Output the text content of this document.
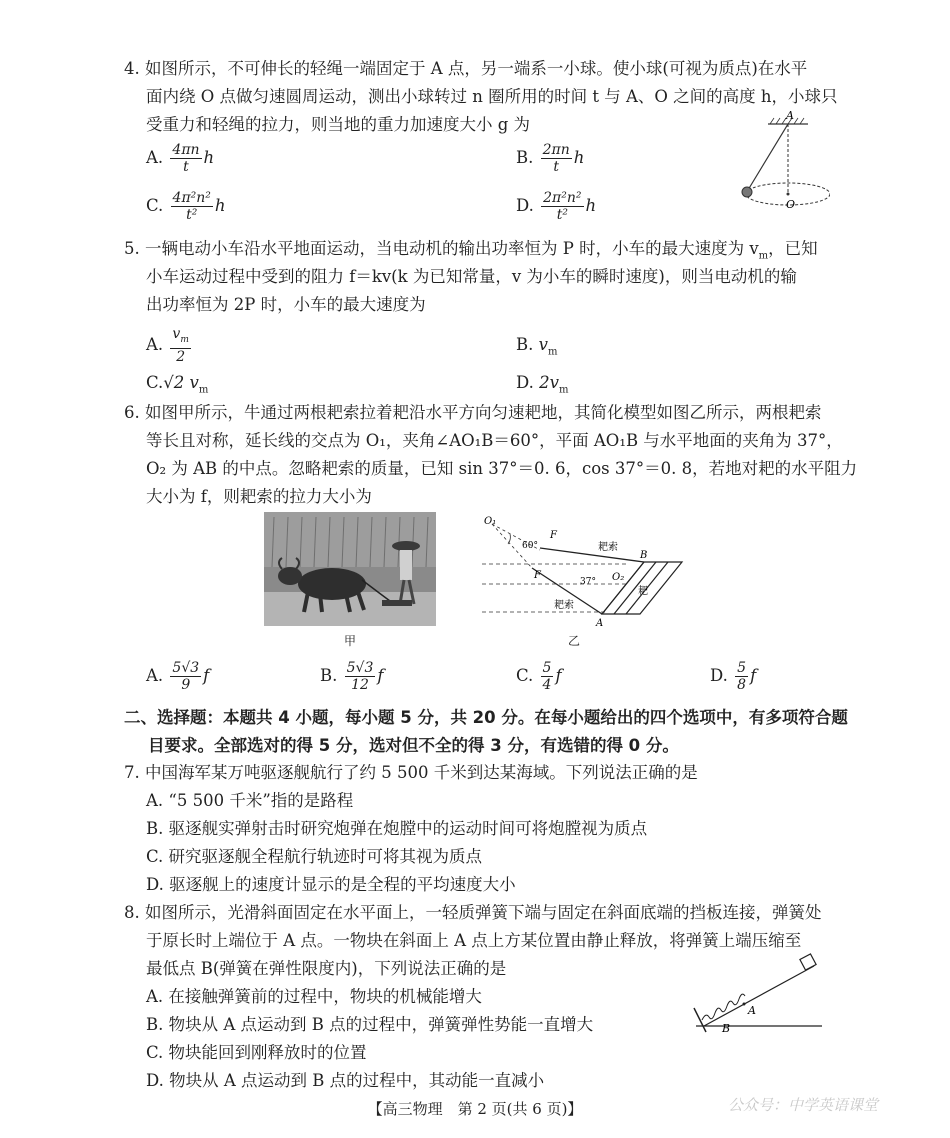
4. 如图所示，不可伸长的轻绳一端固定于 A 点，另一端系一小球。使小球(可视为质点)在水平
面内绕 O 点做匀速圆周运动，测出小球转过 n 圈所用的时间 t 与 A、O 之间的高度 h，小球只
受重力和轻绳的拉力，则当地的重力加速度大小 g 为
A. $\frac{4\pi n}{t}$ h	B. $\frac{2\pi n}{t}$ h
C. $\frac{\text{4π²n²}}{\text{t²}}$ h	D. $\frac{\text{2π²n²}}{\text{t²}}$ h
A
O
5. 一辆电动小车沿水平地面运动，当电动机的输出功率恒为 P 时，小车的最大速度为 $v_m$，已知
小车运动过程中受到的阻力 f＝kv(k 为已知常量，v 为小车的瞬时速度)，则当电动机的输
出功率恒为 2P 时，小车的最大速度为
A. $\frac{v_m}{2}$	B. $v_m$
C.√2 $v_m$	D. $2v_m$
6. 如图甲所示，牛通过两根耙索拉着耙沿水平方向匀速耙地，其简化模型如图乙所示，两根耙索
等长且对称，延长线的交点为 O₁，夹角∠AO₁B＝60°，平面 AO₁B 与水平地面的夹角为 37°，
O₂ 为 AB 的中点。忽略耙索的质量，已知 sin 37°＝0. 6，cos 37°＝0. 8，若地对耙的水平阻力
大小为 f，则耙索的拉力大小为
甲
O₁
F
F
60°
37°
B
A
O₂
耙索
耙索
耙
乙
A. $\frac{5√3}{9}$ f	B. $\frac{5√3}{12}$ f	C. $\frac{5}{4}$ f	D. $\frac{5}{8}$ f
二、选择题：本题共 4 小题，每小题 5 分，共 20 分。在每小题给出的四个选项中，有多项符合题
目要求。全部选对的得 5 分，选对但不全的得 3 分，有选错的得 0 分。
7. 中国海军某万吨驱逐舰航行了约 5 500 千米到达某海域。下列说法正确的是
A. “5 500 千米”指的是路程
B. 驱逐舰实弹射击时研究炮弹在炮膛中的运动时间可将炮膛视为质点
C. 研究驱逐舰全程航行轨迹时可将其视为质点
D. 驱逐舰上的速度计显示的是全程的平均速度大小
8. 如图所示，光滑斜面固定在水平面上，一轻质弹簧下端与固定在斜面底端的挡板连接，弹簧处
于原长时上端位于 A 点。一物块在斜面上 A 点上方某位置由静止释放，将弹簧上端压缩至
最低点 B(弹簧在弹性限度内)，下列说法正确的是
A. 在接触弹簧前的过程中，物块的机械能增大
B. 物块从 A 点运动到 B 点的过程中，弹簧弹性势能一直增大
C. 物块能回到刚释放时的位置
D. 物块从 A 点运动到 B 点的过程中，其动能一直减小
A
B
【高三物理　第 2 页(共 6 页)】	公众号：中学英语课堂
